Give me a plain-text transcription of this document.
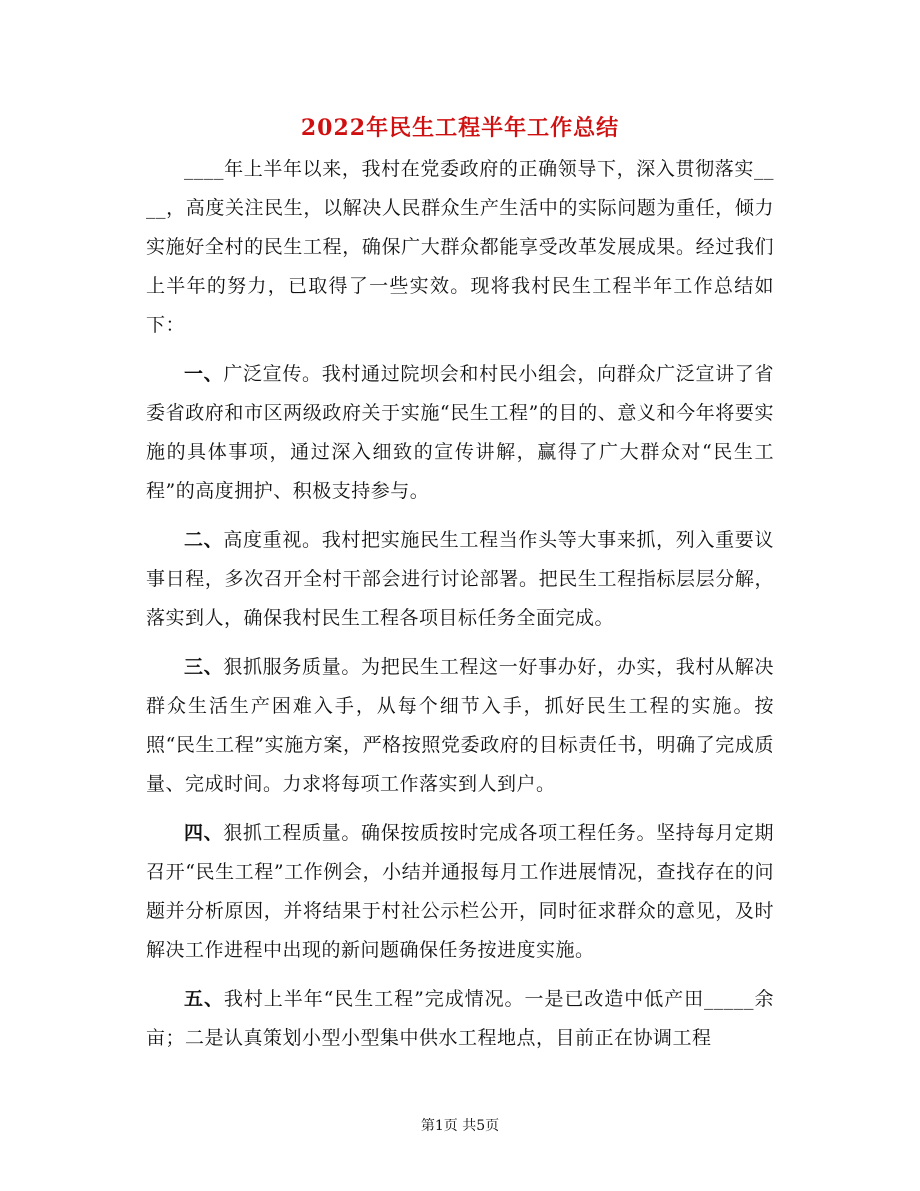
2022年民生工程半年工作总结

____年上半年以来，我村在党委政府的正确领导下，深入贯彻落实____，高度关注民生，以解决人民群众生产生活中的实际问题为重任，倾力实施好全村的民生工程，确保广大群众都能享受改革发展成果。经过我们上半年的努力，已取得了一些实效。现将我村民生工程半年工作总结如下：

一、广泛宣传。我村通过院坝会和村民小组会，向群众广泛宣讲了省委省政府和市区两级政府关于实施“民生工程”的目的、意义和今年将要实施的具体事项，通过深入细致的宣传讲解，赢得了广大群众对“民生工程”的高度拥护、积极支持参与。

二、高度重视。我村把实施民生工程当作头等大事来抓，列入重要议事日程，多次召开全村干部会进行讨论部署。把民生工程指标层层分解，落实到人，确保我村民生工程各项目标任务全面完成。

三、狠抓服务质量。为把民生工程这一好事办好，办实，我村从解决群众生活生产困难入手，从每个细节入手，抓好民生工程的实施。按照“民生工程”实施方案，严格按照党委政府的目标责任书，明确了完成质量、完成时间。力求将每项工作落实到人到户。

四、狠抓工程质量。确保按质按时完成各项工程任务。坚持每月定期召开“民生工程”工作例会，小结并通报每月工作进展情况，查找存在的问题并分析原因，并将结果于村社公示栏公开，同时征求群众的意见，及时解决工作进程中出现的新问题确保任务按进度实施。

五、我村上半年“民生工程”完成情况。一是已改造中低产田_____余亩；二是认真策划小型小型集中供水工程地点，目前正在协调工程

第1页 共5页
